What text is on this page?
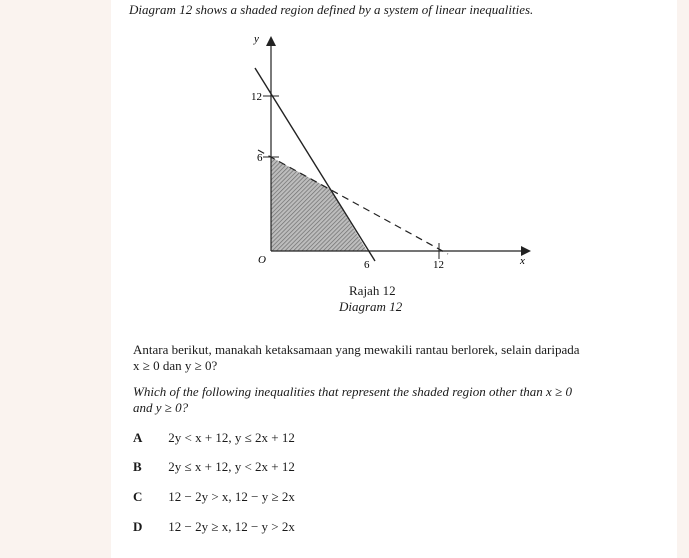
Diagram 12 shows a shaded region defined by a system of linear inequalities.
y
12
6
O	6	12	x
Rajah 12
Diagram 12
Antara berikut, manakah ketaksamaan yang mewakili rantau berlorek, selain daripada
x ≥ 0 dan y ≥ 0?
Which of the following inequalities that represent the shaded region other than x ≥ 0
and y ≥ 0?
A 2y < x + 12, y ≤ 2x + 12
B 2y ≤ x + 12, y < 2x + 12
C 12 − 2y > x, 12 − y ≥ 2x
D 12 − 2y ≥ x, 12 − y > 2x
